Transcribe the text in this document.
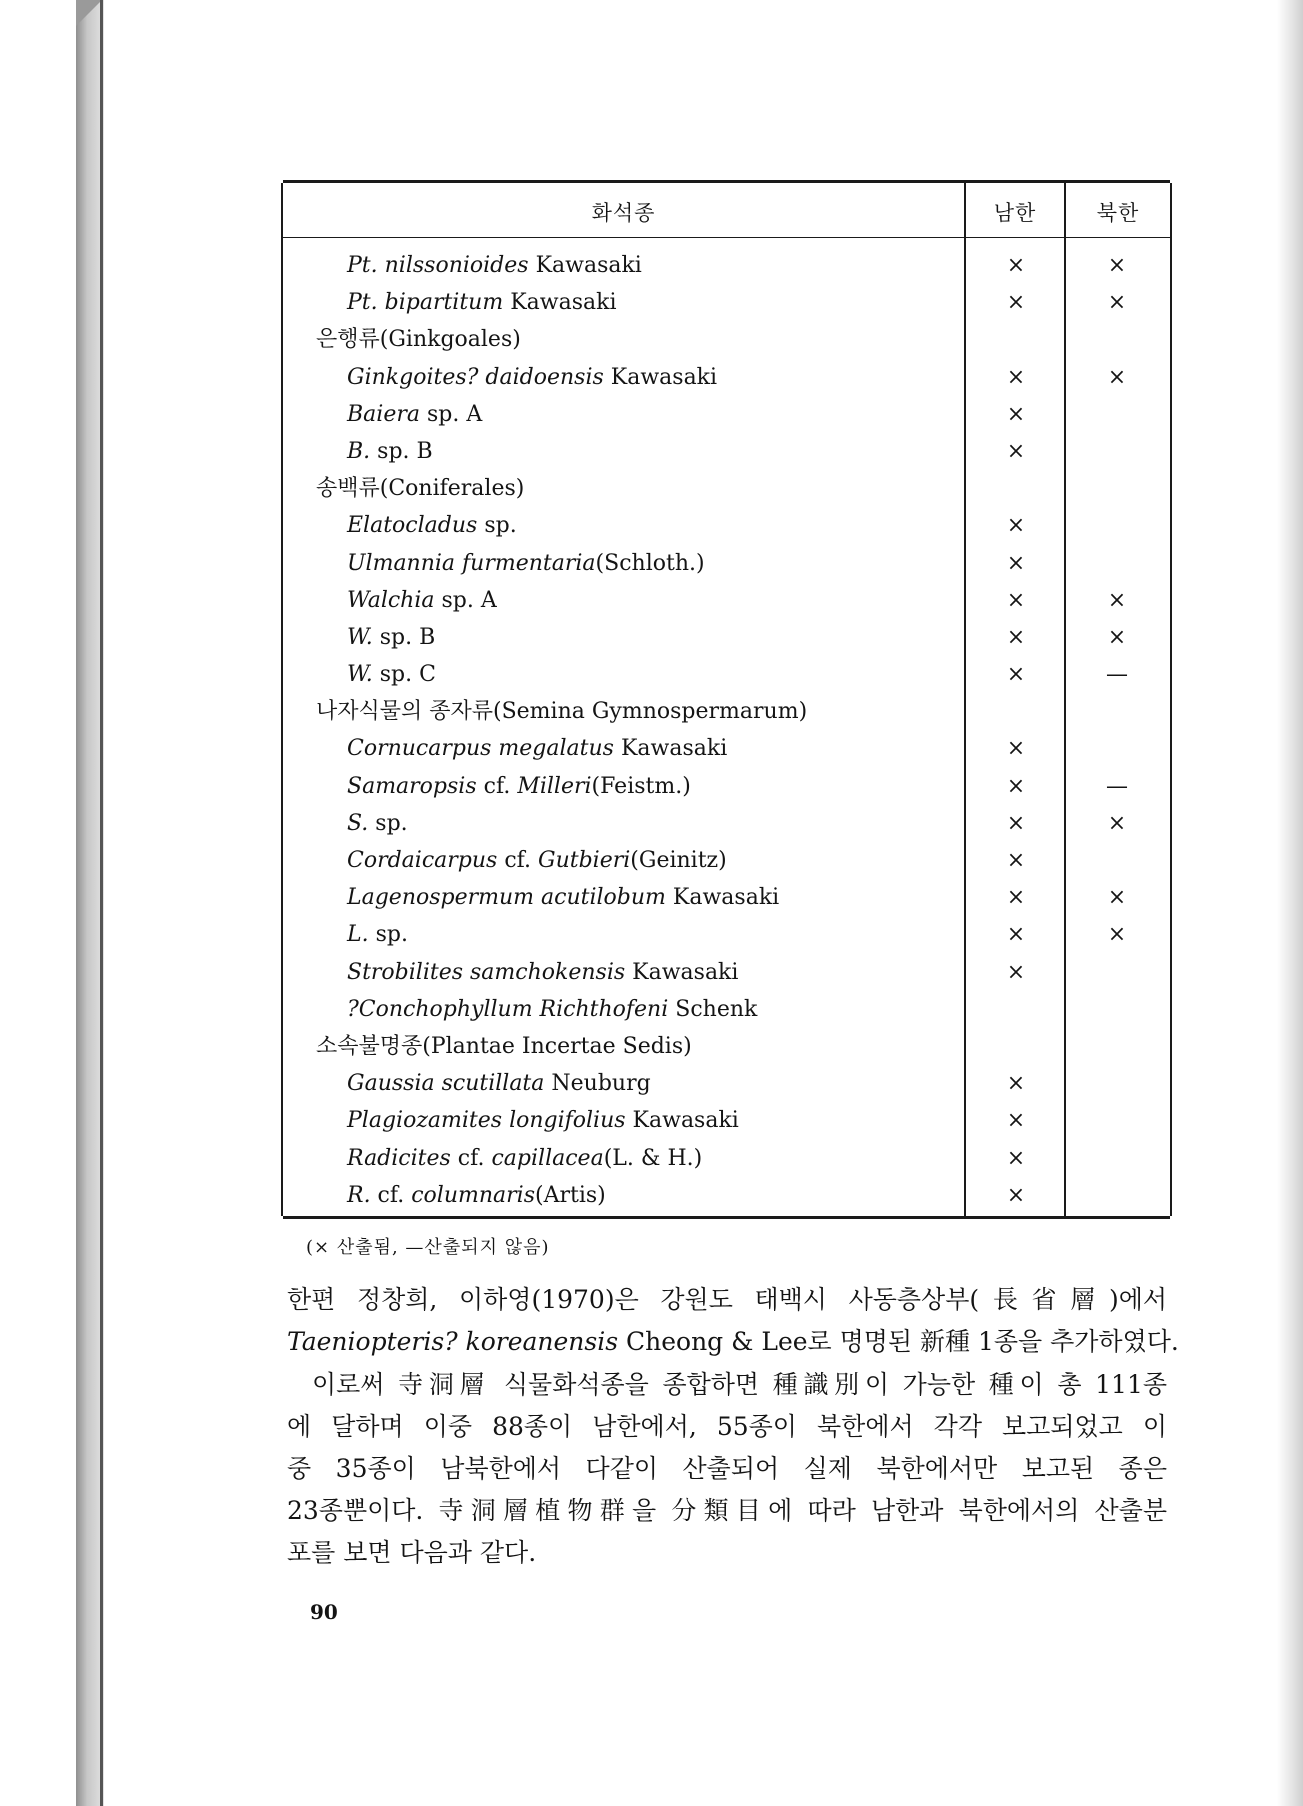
화석종	남한	북한
Pt. nilssonioides Kawasaki	×	×
Pt. bipartitum Kawasaki	×	×
은행류(Ginkgoales)
Ginkgoites? daidoensis Kawasaki	×	×
Baiera sp. A	×
B. sp. B	×
송백류(Coniferales)
Elatocladus sp.	×
Ulmannia furmentaria(Schloth.)	×
Walchia sp. A	×	×
W. sp. B	×	×
W. sp. C	×	—
나자식물의 종자류(Semina Gymnospermarum)
Cornucarpus megalatus Kawasaki	×
Samaropsis cf. Milleri(Feistm.)	×	—
S. sp.	×	×
Cordaicarpus cf. Gutbieri(Geinitz)	×
Lagenospermum acutilobum Kawasaki	×	×
L. sp.	×	×
Strobilites samchokensis Kawasaki	×
?Conchophyllum Richthofeni Schenk
소속불명종(Plantae Incertae Sedis)
Gaussia scutillata Neuburg	×
Plagiozamites longifolius Kawasaki	×
Radicites cf. capillacea(L. & H.)	×
R. cf. columnaris(Artis)	×
(× 산출됨, —산출되지 않음)
한편 정창희, 이하영(1970)은 강원도 태백시 사동층상부(長省層)에서
Taeniopteris? koreanensis Cheong & Lee로 명명된 新種 1종을 추가하였다.
이로써 寺洞層 식물화석종을 종합하면 種識別이 가능한 種이 총 111종
에 달하며 이중 88종이 남한에서, 55종이 북한에서 각각 보고되었고 이
중 35종이 남북한에서 다같이 산출되어 실제 북한에서만 보고된 종은
23종뿐이다. 寺洞層植物群을 分類目에 따라 남한과 북한에서의 산출분
포를 보면 다음과 같다.
90
